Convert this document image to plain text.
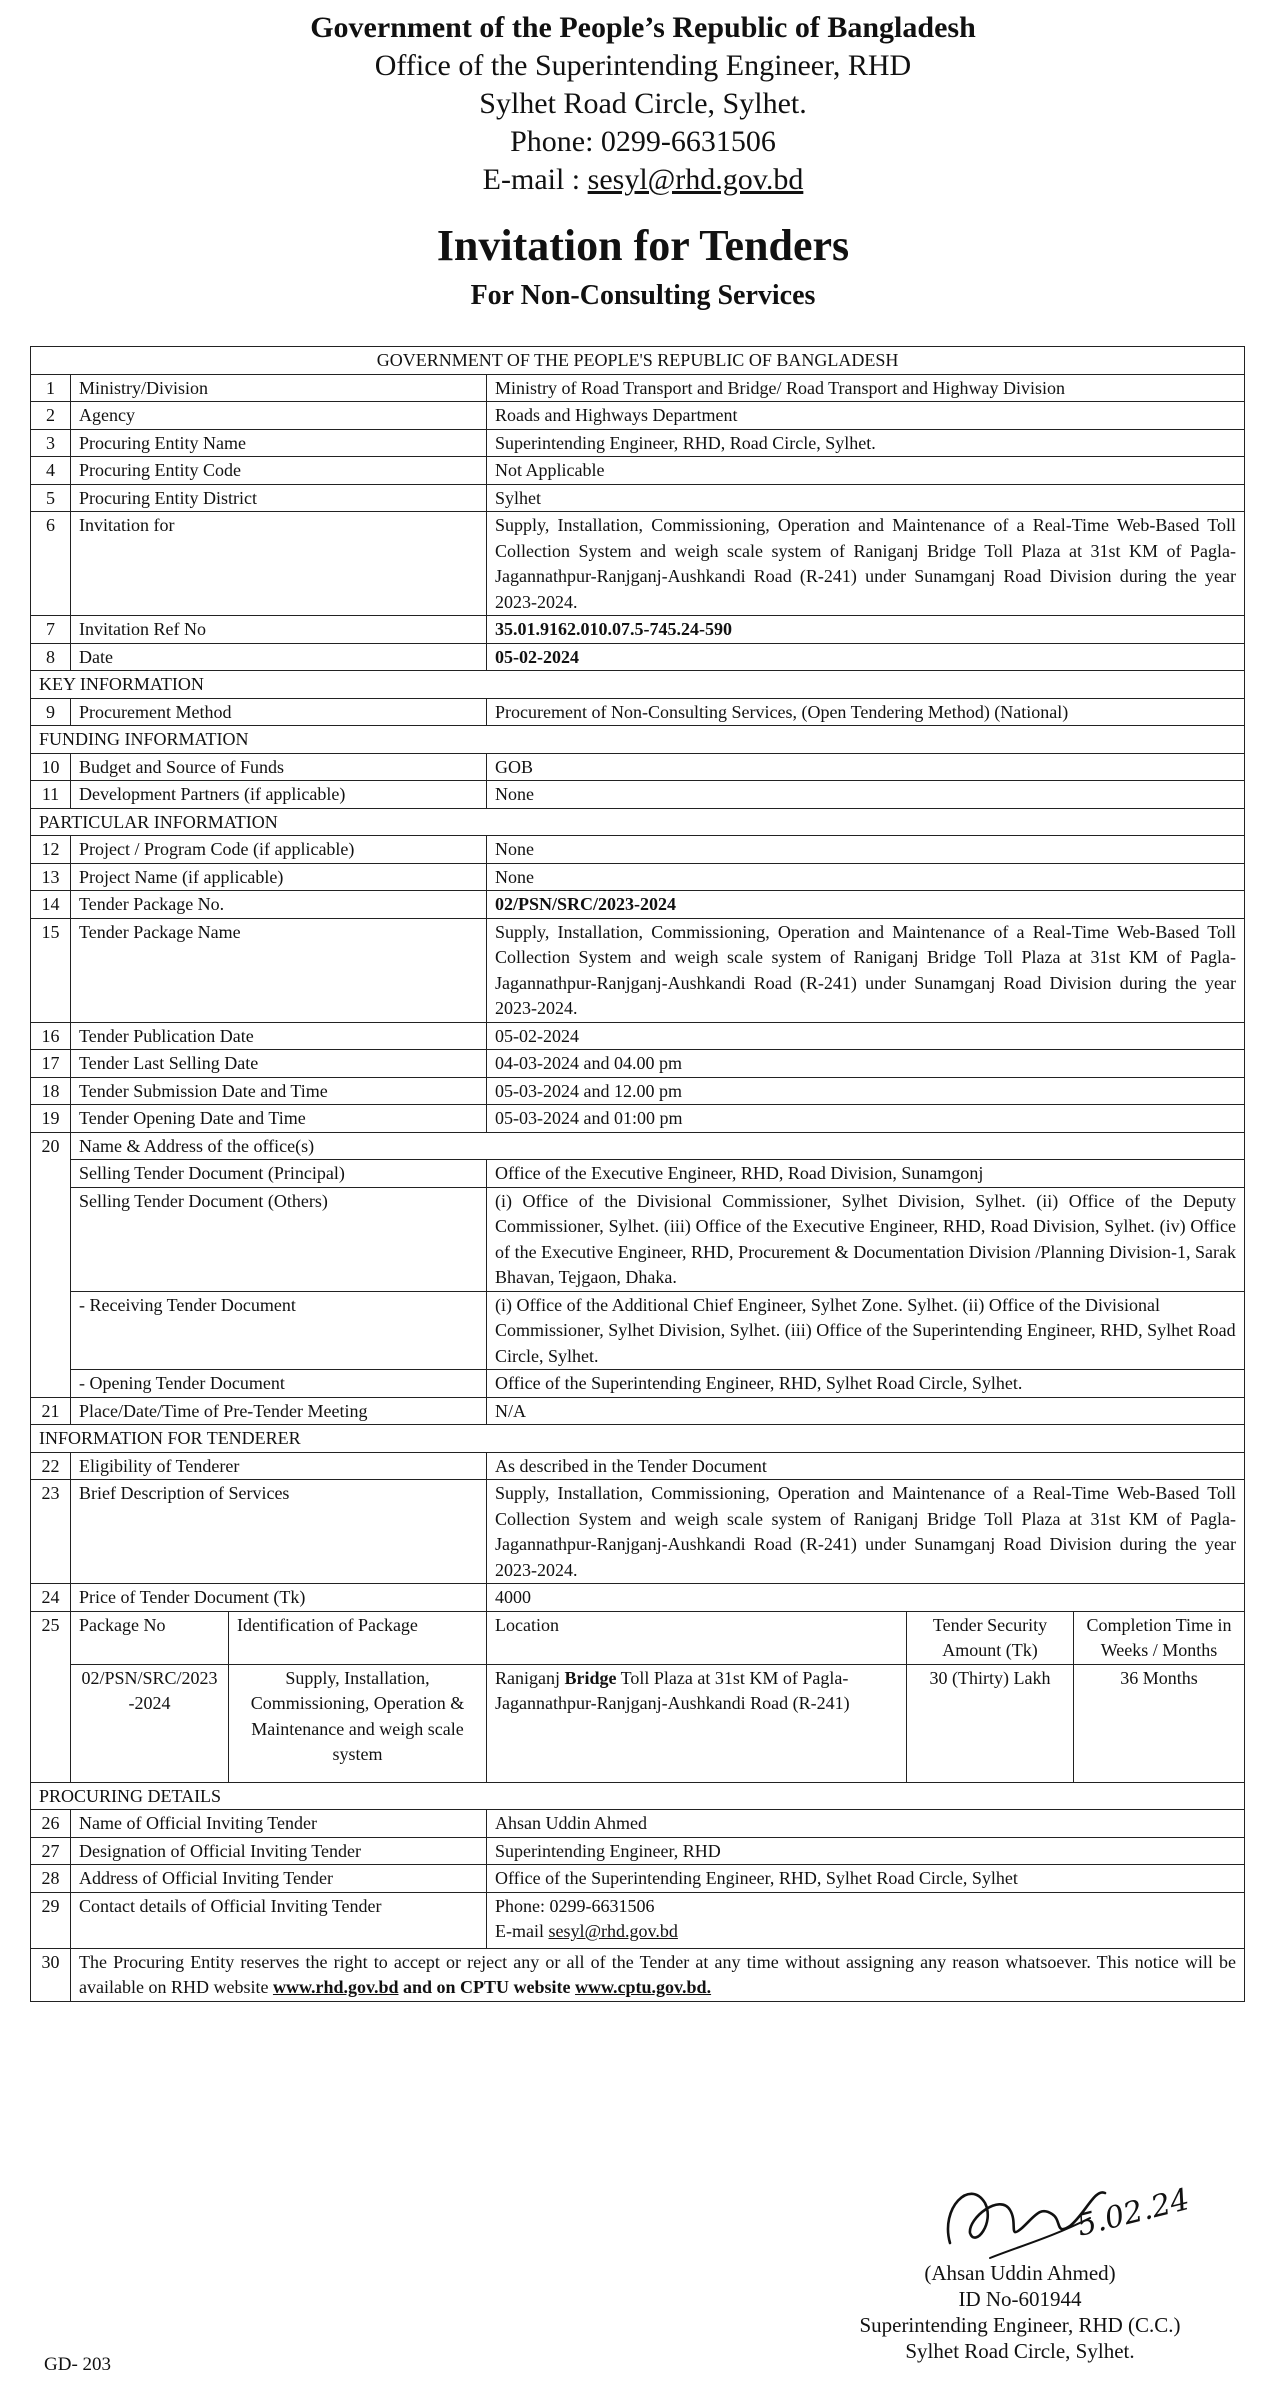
Government of the People’s Republic of Bangladesh
Office of the Superintending Engineer, RHD
Sylhet Road Circle, Sylhet.
Phone: 0299-6631506
E-mail : sesyl@rhd.gov.bd
Invitation for Tenders
For Non-Consulting Services
GOVERNMENT OF THE PEOPLE'S REPUBLIC OF BANGLADESH					
1	Ministry/Division		Ministry of Road Transport and Bridge/ Road Transport and Highway Division		
2	Agency		Roads and Highways Department		
3	Procuring Entity Name		Superintending Engineer, RHD, Road Circle, Sylhet.		
4	Procuring Entity Code		Not Applicable		
5	Procuring Entity District		Sylhet		
6	Invitation for		Supply, Installation, Commissioning, Operation and Maintenance of a Real-Time Web-Based Toll Collection System and weigh scale system of Raniganj Bridge Toll Plaza at 31st KM of Pagla-Jagannathpur-Ranjganj-Aushkandi Road (R-241) under Sunamganj Road Division during the year 2023-2024.		
7	Invitation Ref No		35.01.9162.010.07.5-745.24-590		
8	Date		05-02-2024		
KEY INFORMATION					
9	Procurement Method		Procurement of Non-Consulting Services, (Open Tendering Method) (National)		
FUNDING INFORMATION					
10	Budget and Source of Funds		GOB		
11	Development Partners (if applicable)		None		
PARTICULAR INFORMATION					
12	Project / Program Code (if applicable)		None		
13	Project Name (if applicable)		None		
14	Tender Package No.		02/PSN/SRC/2023-2024		
15	Tender Package Name		Supply, Installation, Commissioning, Operation and Maintenance of a Real-Time Web-Based Toll Collection System and weigh scale system of Raniganj Bridge Toll Plaza at 31st KM of Pagla-Jagannathpur-Ranjganj-Aushkandi Road (R-241) under Sunamganj Road Division during the year 2023-2024.		
16	Tender Publication Date		05-02-2024		
17	Tender Last Selling Date		04-03-2024 and 04.00 pm		
18	Tender Submission Date and Time		05-03-2024 and 12.00 pm		
19	Tender Opening Date and Time		05-03-2024 and 01:00 pm		
20	Name & Address of the office(s)				
	Selling Tender Document (Principal)		Office of the Executive Engineer, RHD, Road Division, Sunamgonj		
	Selling Tender Document (Others)		(i) Office of the Divisional Commissioner, Sylhet Division, Sylhet. (ii) Office of the Deputy Commissioner, Sylhet. (iii) Office of the Executive Engineer, RHD, Road Division, Sylhet. (iv) Office of the Executive Engineer, RHD, Procurement & Documentation Division /Planning Division-1, Sarak Bhavan, Tejgaon, Dhaka.		
	- Receiving Tender Document		(i) Office of the Additional Chief Engineer, Sylhet Zone. Sylhet. (ii) Office of the Divisional Commissioner, Sylhet Division, Sylhet. (iii) Office of the Superintending Engineer, RHD, Sylhet Road Circle, Sylhet.		
	- Opening Tender Document		Office of the Superintending Engineer, RHD, Sylhet Road Circle, Sylhet.		
21	Place/Date/Time of Pre-Tender Meeting		N/A		
INFORMATION FOR TENDERER					
22	Eligibility of Tenderer		As described in the Tender Document		
23	Brief Description of Services		Supply, Installation, Commissioning, Operation and Maintenance of a Real-Time Web-Based Toll Collection System and weigh scale system of Raniganj Bridge Toll Plaza at 31st KM of Pagla-Jagannathpur-Ranjganj-Aushkandi Road (R-241) under Sunamganj Road Division during the year 2023-2024.		
24	Price of Tender Document (Tk)		4000		
25	Package No	Identification of Package	Location	Tender Security Amount (Tk)	Completion Time in Weeks / Months
	02/PSN/SRC/2023-2024	Supply, Installation, Commissioning, Operation & Maintenance and weigh scale system	Raniganj Bridge Toll Plaza at 31st KM of Pagla-Jagannathpur-Ranjganj-Aushkandi Road (R-241)	30 (Thirty) Lakh	36 Months
PROCURING DETAILS					
26	Name of Official Inviting Tender		Ahsan Uddin Ahmed		
27	Designation of Official Inviting Tender		Superintending Engineer, RHD		
28	Address of Official Inviting Tender		Office of the Superintending Engineer, RHD, Sylhet Road Circle, Sylhet		
29	Contact details of Official Inviting Tender		Phone: 0299-6631506
E-mail sesyl@rhd.gov.bd		

30	The Procuring Entity reserves the right to accept or reject any or all of the Tender at any time without assigning any reason whatsoever. This notice will be available on RHD website www.rhd.gov.bd and on CPTU website www.cptu.gov.bd.				
5.02.24
(Ahsan Uddin Ahmed)
ID No-601944
Superintending Engineer, RHD (C.C.)
Sylhet Road Circle, Sylhet.
GD- 203
